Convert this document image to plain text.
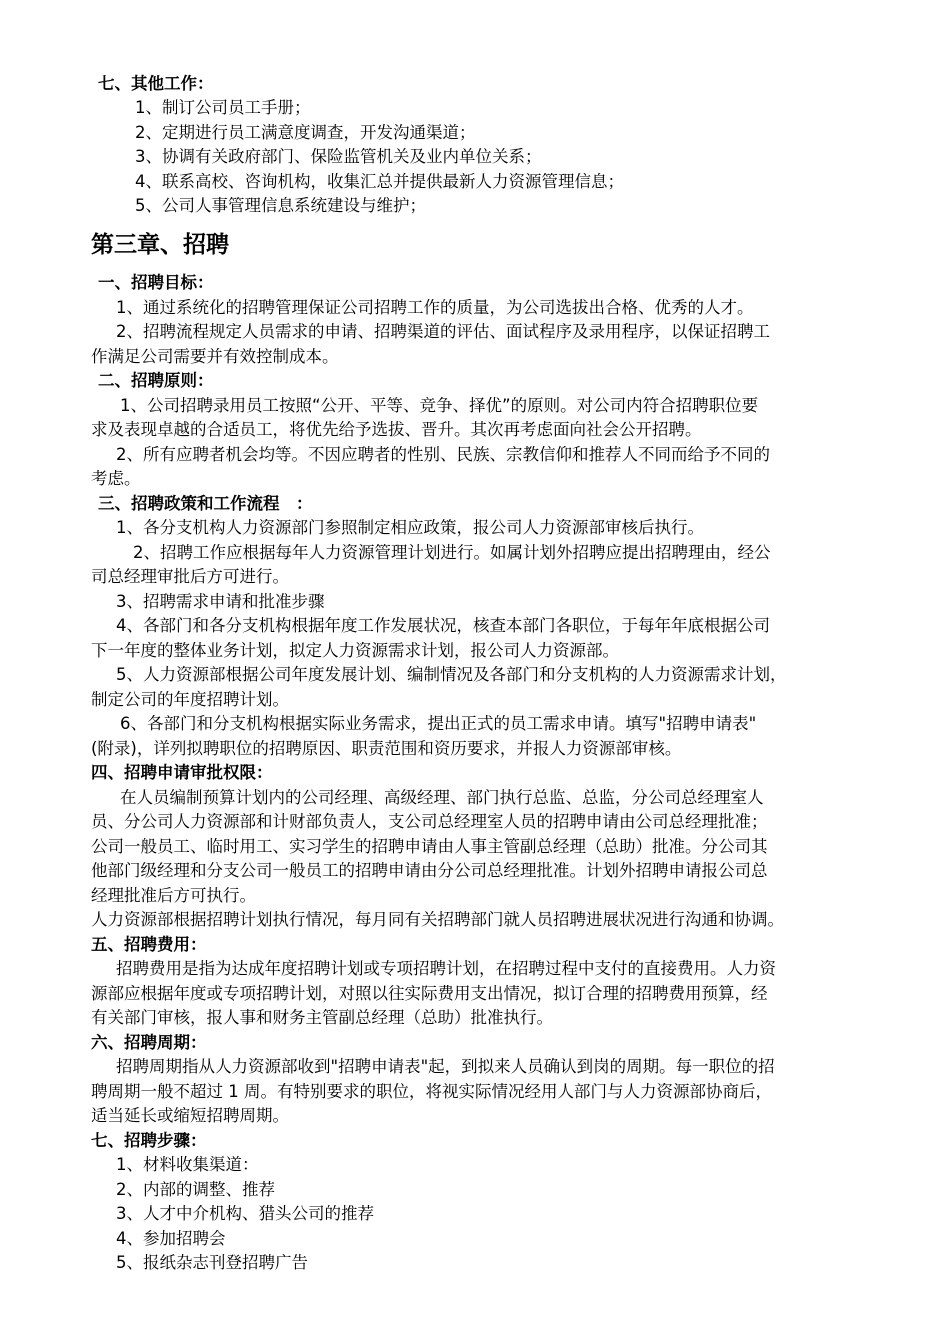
七、其他工作：
1、制订公司员工手册；
2、定期进行员工满意度调查，开发沟通渠道；
3、协调有关政府部门、保险监管机关及业内单位关系；
4、联系高校、咨询机构，收集汇总并提供最新人力资源管理信息；
5、公司人事管理信息系统建设与维护；
第三章、招聘
一、招聘目标：
1、通过系统化的招聘管理保证公司招聘工作的质量，为公司选拔出合格、优秀的人才。
2、招聘流程规定人员需求的申请、招聘渠道的评估、面试程序及录用程序，以保证招聘工
作满足公司需要并有效控制成本。
二、招聘原则：
1、公司招聘录用员工按照“公开、平等、竞争、择优”的原则。对公司内符合招聘职位要
求及表现卓越的合适员工，将优先给予选拔、晋升。其次再考虑面向社会公开招聘。
2、所有应聘者机会均等。不因应聘者的性别、民族、宗教信仰和推荐人不同而给予不同的
考虑。
三、招聘政策和工作流程　：
1、各分支机构人力资源部门参照制定相应政策，报公司人力资源部审核后执行。
2、招聘工作应根据每年人力资源管理计划进行。如属计划外招聘应提出招聘理由，经公
司总经理审批后方可进行。
3、招聘需求申请和批准步骤
4、各部门和各分支机构根据年度工作发展状况，核查本部门各职位，于每年年底根据公司
下一年度的整体业务计划，拟定人力资源需求计划，报公司人力资源部。
5、人力资源部根据公司年度发展计划、编制情况及各部门和分支机构的人力资源需求计划，
制定公司的年度招聘计划。
6、各部门和分支机构根据实际业务需求，提出正式的员工需求申请。填写"招聘申请表"
(附录)，详列拟聘职位的招聘原因、职责范围和资历要求，并报人力资源部审核。
四、招聘申请审批权限：
在人员编制预算计划内的公司经理、高级经理、部门执行总监、总监，分公司总经理室人
员、分公司人力资源部和计财部负责人，支公司总经理室人员的招聘申请由公司总经理批准；
公司一般员工、临时用工、实习学生的招聘申请由人事主管副总经理（总助）批准。分公司其
他部门级经理和分支公司一般员工的招聘申请由分公司总经理批准。计划外招聘申请报公司总
经理批准后方可执行。
人力资源部根据招聘计划执行情况，每月同有关招聘部门就人员招聘进展状况进行沟通和协调。
五、招聘费用：
招聘费用是指为达成年度招聘计划或专项招聘计划，在招聘过程中支付的直接费用。人力资
源部应根据年度或专项招聘计划，对照以往实际费用支出情况，拟订合理的招聘费用预算，经
有关部门审核，报人事和财务主管副总经理（总助）批准执行。
六、招聘周期：
招聘周期指从人力资源部收到"招聘申请表"起，到拟来人员确认到岗的周期。每一职位的招
聘周期一般不超过 1 周。有特别要求的职位，将视实际情况经用人部门与人力资源部协商后，
适当延长或缩短招聘周期。
七、招聘步骤：
1、材料收集渠道：
2、内部的调整、推荐
3、人才中介机构、猎头公司的推荐
4、参加招聘会
5、报纸杂志刊登招聘广告
